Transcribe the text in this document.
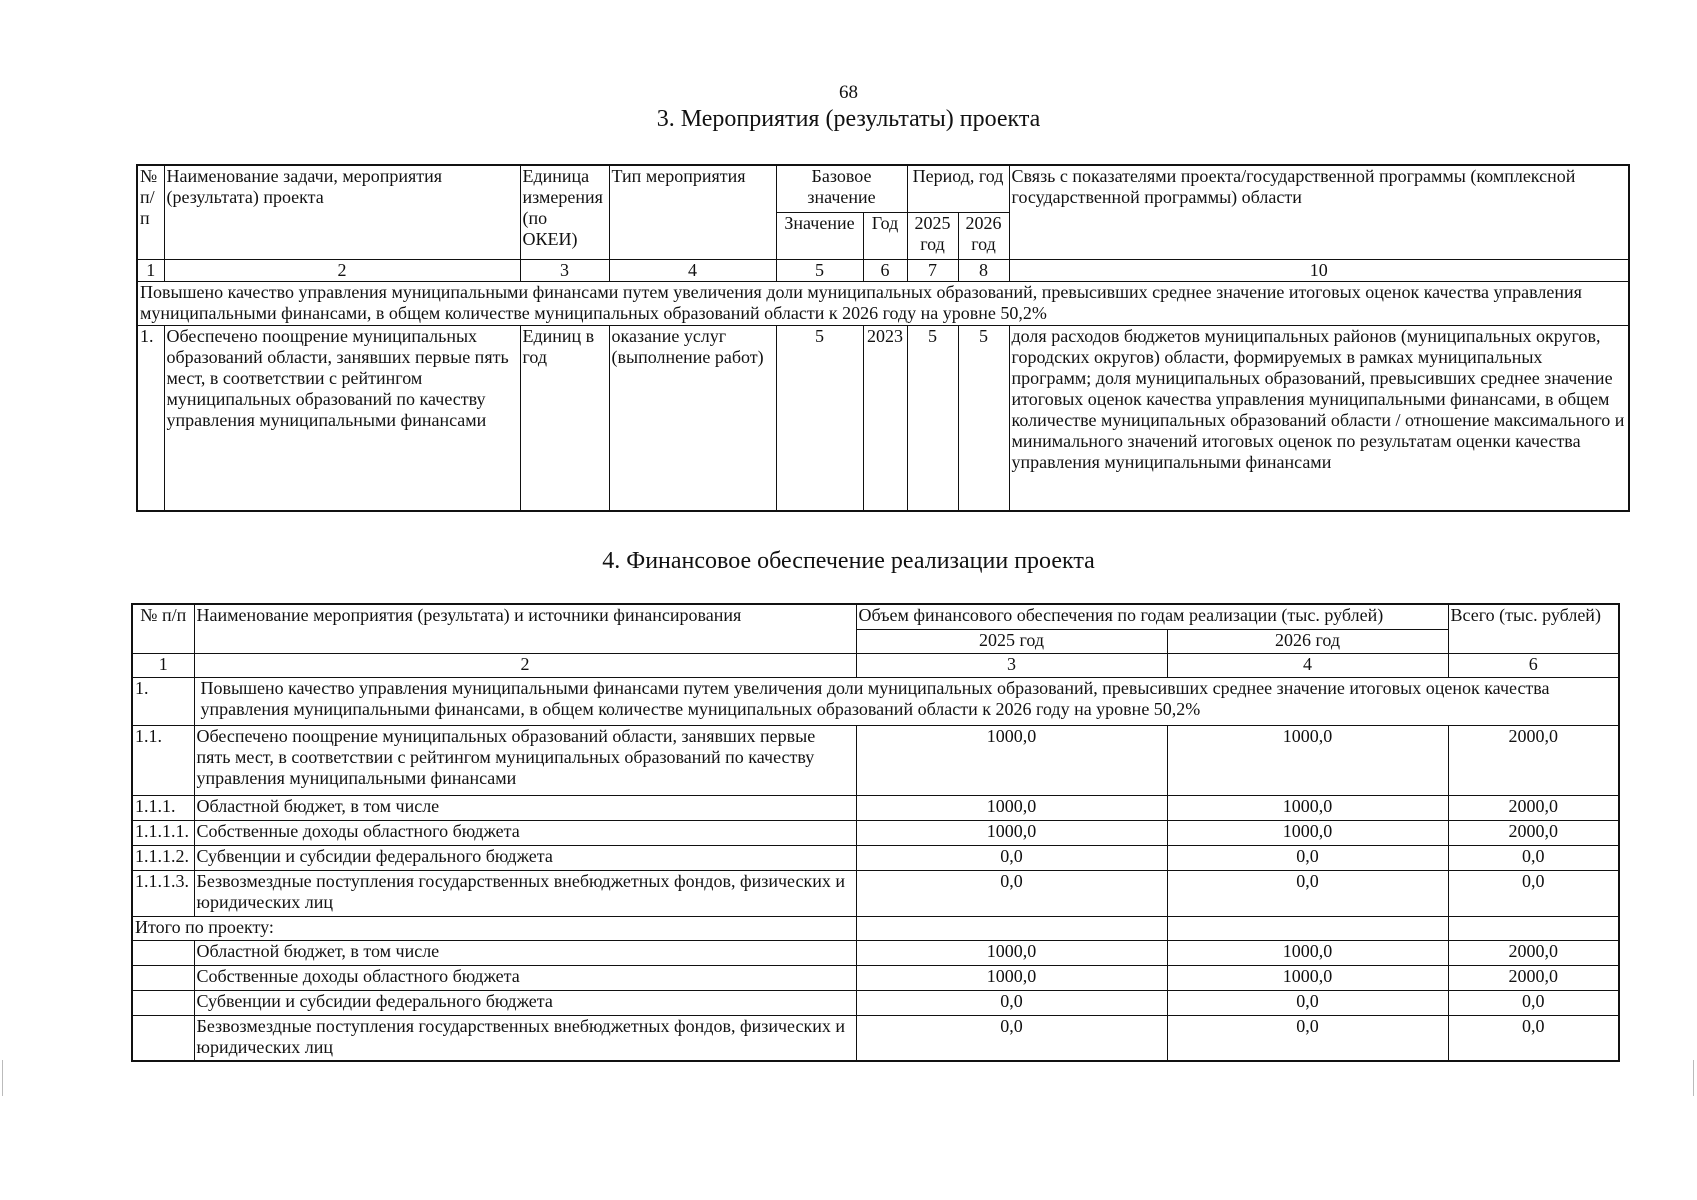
68
3. Мероприятия (результаты) проекта
№ п/п	Наименование задачи, мероприятия (результата) проекта	Единица измерения (по ОКЕИ)	Тип мероприятия	Базовое значение		Период, год		Связь с показателями проекта/государственной программы (комплексной государственной программы) области
				Значение	Год	2025 год	2026 год	
1	2	3	4	5	6	7	8	10
Повышено качество управления муниципальными финансами путем увеличения доли муниципальных образований, превысивших среднее значение итоговых оценок качества управления муниципальными финансами, в общем количестве муниципальных образований области к 2026 году на уровне 50,2%								
1.	Обеспечено поощрение муниципальных образований области, занявших первые пять мест, в соответствии с рейтингом муниципальных образований по качеству управления муниципальными финансами	Единиц в год	оказание услуг (выполнение работ)	5	2023	5	5	доля расходов бюджетов муниципальных районов (муниципальных округов, городских округов) области, формируемых в рамках муниципальных программ; доля муниципальных образований, превысивших среднее значение итоговых оценок качества управления муниципальными финансами, в общем количестве муниципальных образований области / отношение максимального и минимального значений итоговых оценок по результатам оценки качества управления муниципальными финансами
4. Финансовое обеспечение реализации проекта
№ п/п	Наименование мероприятия (результата) и источники финансирования	Объем финансового обеспечения по годам реализации (тыс. рублей)		Всего (тыс. рублей)
		2025 год	2026 год	
1	2	3	4	6
1.	Повышено качество управления муниципальными финансами путем увеличения доли муниципальных образований, превысивших среднее значение итоговых оценок качества управления муниципальными финансами, в общем количестве муниципальных образований области к 2026 году на уровне 50,2%			
1.1.	Обеспечено поощрение муниципальных образований области, занявших первые пять мест, в соответствии с рейтингом муниципальных образований по качеству управления муниципальными финансами	1000,0	1000,0	2000,0
1.1.1.	Областной бюджет, в том числе	1000,0	1000,0	2000,0
1.1.1.1.	Собственные доходы областного бюджета	1000,0	1000,0	2000,0
1.1.1.2.	Субвенции и субсидии федерального бюджета	0,0	0,0	0,0
1.1.1.3.	Безвозмездные поступления государственных внебюджетных фондов, физических и юридических лиц	0,0	0,0	0,0
Итого по проекту:				
	Областной бюджет, в том числе	1000,0	1000,0	2000,0
	Собственные доходы областного бюджета	1000,0	1000,0	2000,0
	Субвенции и субсидии федерального бюджета	0,0	0,0	0,0
	Безвозмездные поступления государственных внебюджетных фондов, физических и юридических лиц	0,0	0,0	0,0
